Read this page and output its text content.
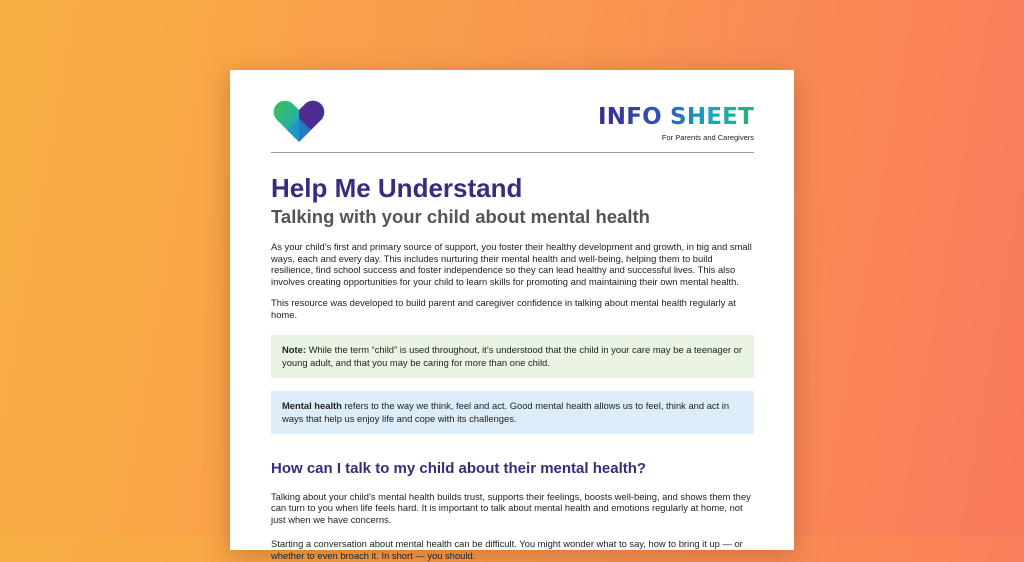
INFO SHEET
For Parents and Caregivers
Help Me Understand
Talking with your child about mental health

As your child’s first and primary source of support, you foster their healthy development and growth, in big and small ways, each and every day. This includes nurturing their mental health and well-being, helping them to build resilience, find school success and foster independence so they can lead healthy and successful lives. This also involves creating opportunities for your child to learn skills for promoting and maintaining their own mental health.

This resource was developed to build parent and caregiver confidence in talking about mental health regularly at home.

Note: While the term “child” is used throughout, it’s understood that the child in your care may be a teenager or young adult, and that you may be caring for more than one child.
Mental health refers to the way we think, feel and act. Good mental health allows us to feel, think and act in ways that help us enjoy life and cope with its challenges.
How can I talk to my child about their mental health?

Talking about your child’s mental health builds trust, supports their feelings, boosts well-being, and shows them they can turn to you when life feels hard. It is important to talk about mental health and emotions regularly at home, not just when we have concerns.

Starting a conversation about mental health can be difficult. You might wonder what to say, how to bring it up — or whether to even broach it. In short — you should.
